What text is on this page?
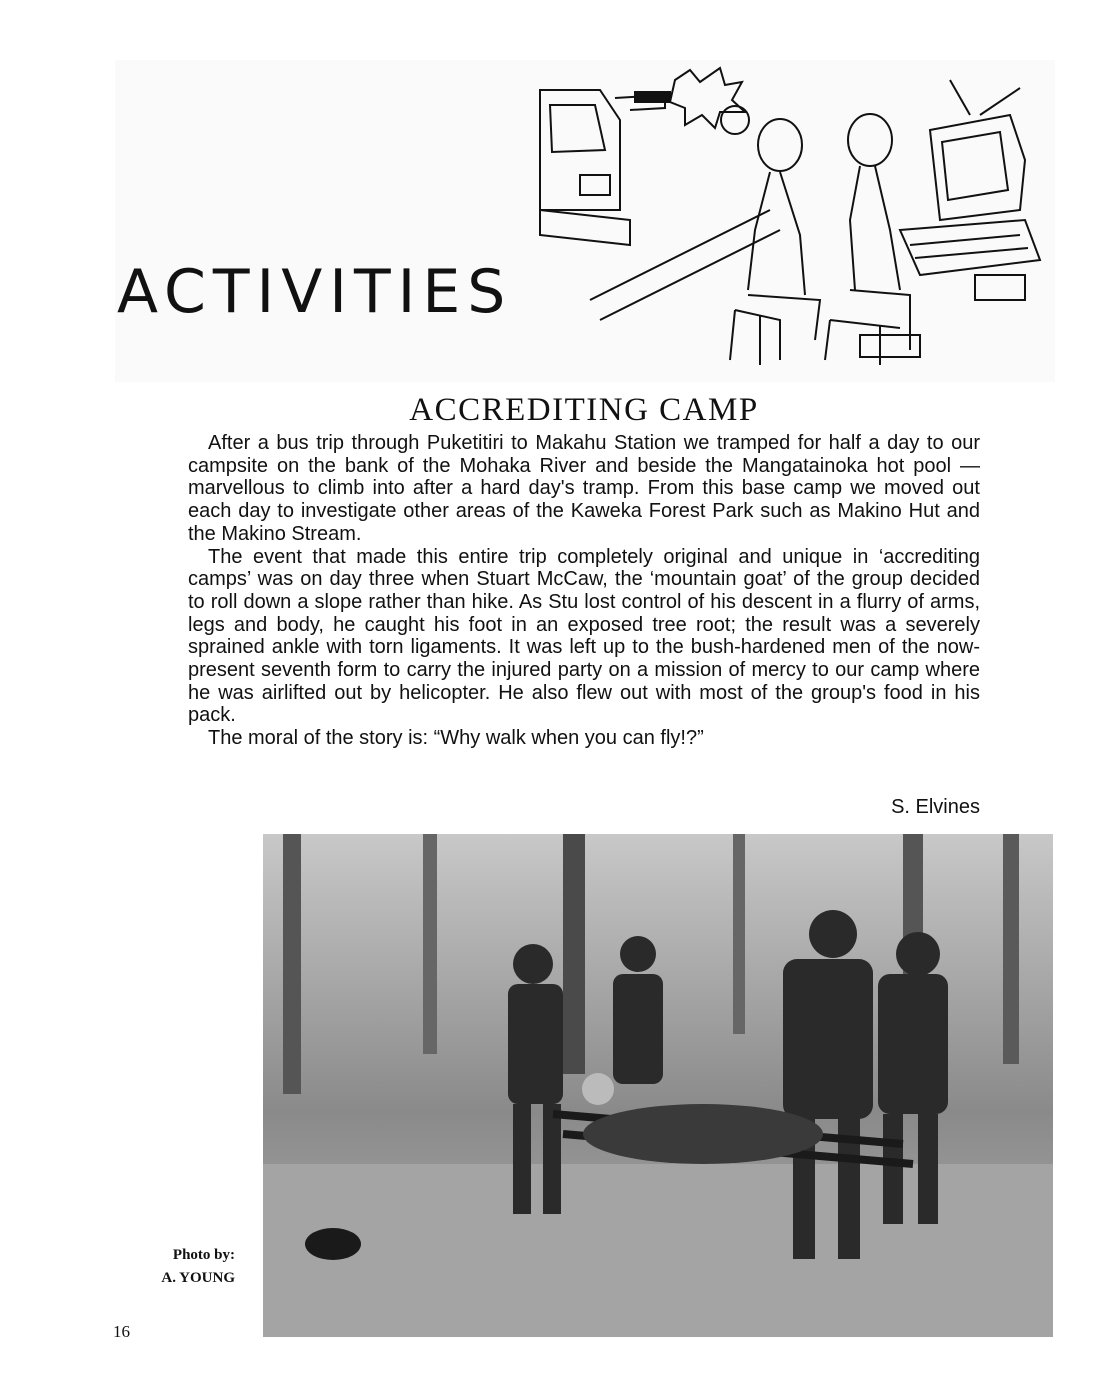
ACTIVITIES
ACCREDITING CAMP

After a bus trip through Puketitiri to Makahu Station we tramped for half a day to our campsite on the bank of the Mohaka River and beside the Mangatainoka hot pool — marvellous to climb into after a hard day's tramp. From this base camp we moved out each day to investigate other areas of the Kaweka Forest Park such as Makino Hut and the Makino Stream.

The event that made this entire trip completely original and unique in ‘accrediting camps’ was on day three when Stuart McCaw, the ‘mountain goat’ of the group decided to roll down a slope rather than hike. As Stu lost control of his descent in a flurry of arms, legs and body, he caught his foot in an exposed tree root; the result was a severely sprained ankle with torn ligaments. It was left up to the bush-hardened men of the now-present seventh form to carry the injured party on a mission of mercy to our camp where he was airlifted out by helicopter. He also flew out with most of the group's food in his pack.

The moral of the story is: “Why walk when you can fly!?”

S. Elvines
Photo by:
A. YOUNG
16
